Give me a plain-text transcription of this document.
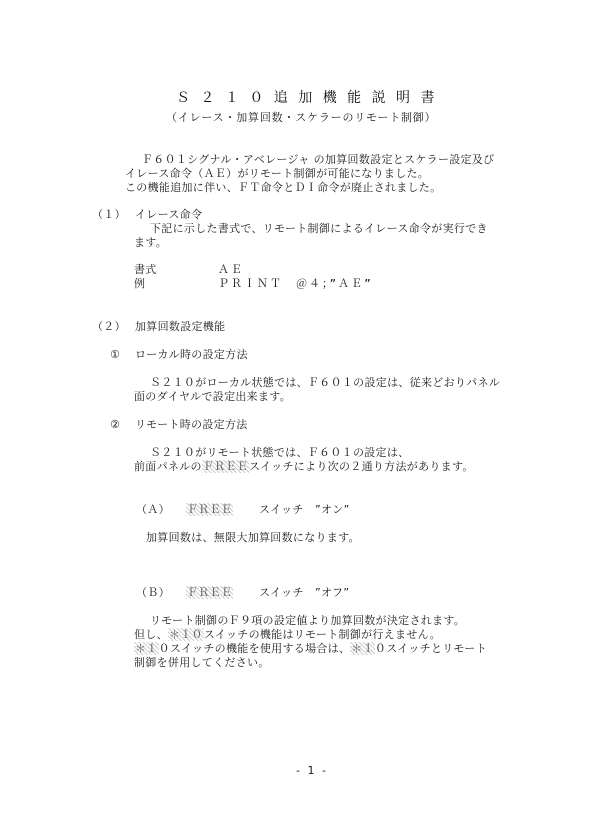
Ｓ ２ １ ０ 追 加 機 能 説 明 書
（イレース・加算回数・スケラーのリモート制御）
Ｆ６０１シグナル・アベレージャ の加算回数設定とスケラー設定及び
イレース命令（ＡＥ）がリモート制御が可能になりました。
この機能追加に伴い、ＦＴ命令とＤＩ命令が廃止されました。
（１） イレース命令
下記に示した書式で、リモート制御によるイレース命令が実行でき
ます。
書式	ＡＥ
例	ＰＲＩＮＴ　＠４；”ＡＥ”
（２） 加算回数設定機能
① ローカル時の設定方法
Ｓ２１０がローカル状態では、Ｆ６０１の設定は、従来どおりパネル
面のダイヤルで設定出来ます。
② リモート時の設定方法
Ｓ２１０がリモート状態では、Ｆ６０１の設定は、
前面パネルのＦＲＥＥスイッチにより次の２通り方法があります。
（Ａ） ＦＲＥＥ スイッチ　”オン”
加算回数は、無限大加算回数になります。
（Ｂ） ＦＲＥＥ スイッチ　”オフ”
リモート制御のＦ９項の設定値より加算回数が決定されます。
但し、＊１０スイッチの機能はリモート制御が行えません。
＊１０スイッチの機能を使用する場合は、＊１０スイッチとリモート
制御を併用してください。
- 1 -
